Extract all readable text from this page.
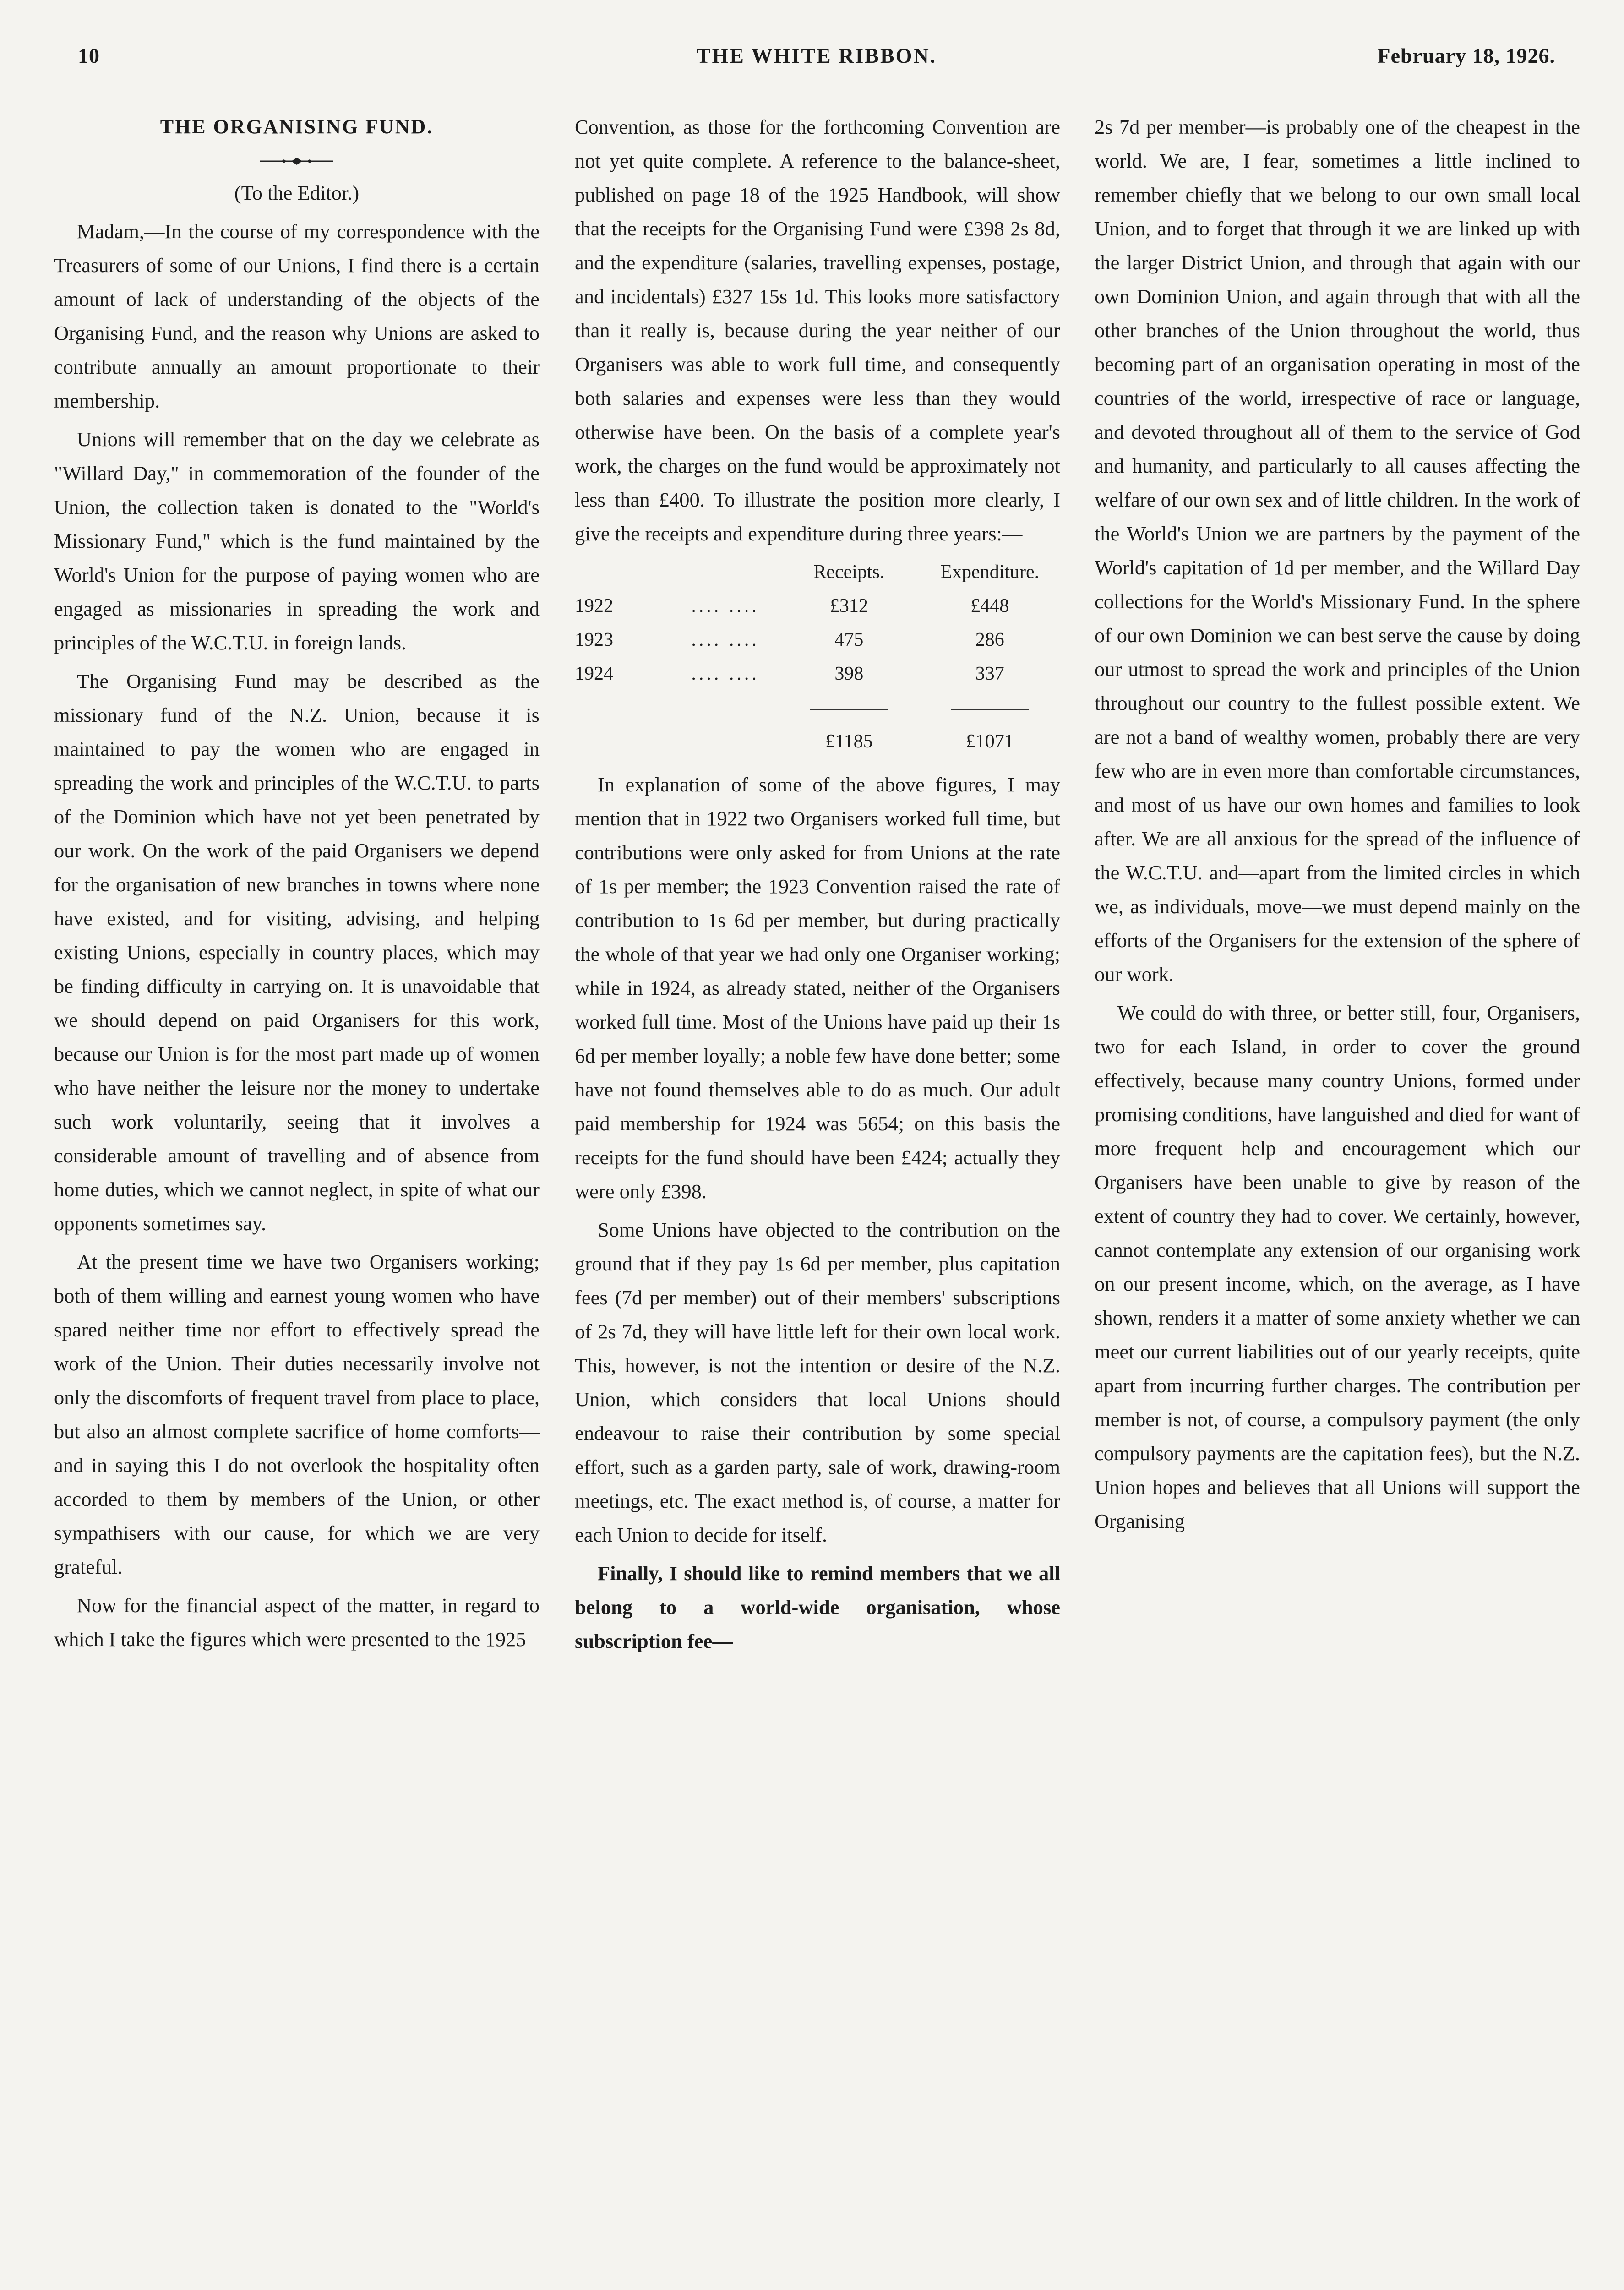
10	THE WHITE RIBBON.	February 18, 1926.

THE ORGANISING FUND.

(To the Editor.)

Madam,—In the course of my correspondence with the Treasurers of some of our Unions, I find there is a certain amount of lack of understanding of the objects of the Organising Fund, and the reason why Unions are asked to contribute annually an amount proportionate to their membership.

Unions will remember that on the day we celebrate as "Willard Day," in commemoration of the founder of the Union, the collection taken is donated to the "World's Missionary Fund," which is the fund maintained by the World's Union for the purpose of paying women who are engaged as missionaries in spreading the work and principles of the W.C.T.U. in foreign lands.

The Organising Fund may be described as the missionary fund of the N.Z. Union, because it is maintained to pay the women who are engaged in spreading the work and principles of the W.C.T.U. to parts of the Dominion which have not yet been penetrated by our work. On the work of the paid Organisers we depend for the organisation of new branches in towns where none have existed, and for visiting, advising, and helping existing Unions, especially in country places, which may be finding difficulty in carrying on. It is unavoidable that we should depend on paid Organisers for this work, because our Union is for the most part made up of women who have neither the leisure nor the money to undertake such work voluntarily, seeing that it involves a considerable amount of travelling and of absence from home duties, which we cannot neglect, in spite of what our opponents sometimes say.

At the present time we have two Organisers working; both of them willing and earnest young women who have spared neither time nor effort to effectively spread the work of the Union. Their duties necessarily involve not only the discomforts of frequent travel from place to place, but also an almost complete sacrifice of home comforts—and in saying this I do not overlook the hospitality often accorded to them by members of the Union, or other sympathisers with our cause, for which we are very grateful.

Now for the financial aspect of the matter, in regard to which I take the figures which were presented to the 1925

Convention, as those for the forthcoming Convention are not yet quite complete. A reference to the balance-sheet, published on page 18 of the 1925 Handbook, will show that the receipts for the Organising Fund were £398 2s 8d, and the expenditure (salaries, travelling expenses, postage, and incidentals) £327 15s 1d. This looks more satisfactory than it really is, because during the year neither of our Organisers was able to work full time, and consequently both salaries and expenses were less than they would otherwise have been. On the basis of a complete year's work, the charges on the fund would be approximately not less than £400. To illustrate the position more clearly, I give the receipts and expenditure during three years:—

		Receipts.	Expenditure.
1922	.... ....	£312	£448
1923	.... ....	475	286
1924	.... ....	398	337

		£1185	£1071

In explanation of some of the above figures, I may mention that in 1922 two Organisers worked full time, but contributions were only asked for from Unions at the rate of 1s per member; the 1923 Convention raised the rate of contribution to 1s 6d per member, but during practically the whole of that year we had only one Organiser working; while in 1924, as already stated, neither of the Organisers worked full time. Most of the Unions have paid up their 1s 6d per member loyally; a noble few have done better; some have not found themselves able to do as much. Our adult paid membership for 1924 was 5654; on this basis the receipts for the fund should have been £424; actually they were only £398.

Some Unions have objected to the contribution on the ground that if they pay 1s 6d per member, plus capitation fees (7d per member) out of their members' subscriptions of 2s 7d, they will have little left for their own local work. This, however, is not the intention or desire of the N.Z. Union, which considers that local Unions should endeavour to raise their contribution by some special effort, such as a garden party, sale of work, drawing-room meetings, etc. The exact method is, of course, a matter for each Union to decide for itself.

Finally, I should like to remind members that we all belong to a world-wide organisation, whose subscription fee—

2s 7d per member—is probably one of the cheapest in the world. We are, I fear, sometimes a little inclined to remember chiefly that we belong to our own small local Union, and to forget that through it we are linked up with the larger District Union, and through that again with our own Dominion Union, and again through that with all the other branches of the Union throughout the world, thus becoming part of an organisation operating in most of the countries of the world, irrespective of race or language, and devoted throughout all of them to the service of God and humanity, and particularly to all causes affecting the welfare of our own sex and of little children. In the work of the World's Union we are partners by the payment of the World's capitation of 1d per member, and the Willard Day collections for the World's Missionary Fund. In the sphere of our own Dominion we can best serve the cause by doing our utmost to spread the work and principles of the Union throughout our country to the fullest possible extent. We are not a band of wealthy women, probably there are very few who are in even more than comfortable circumstances, and most of us have our own homes and families to look after. We are all anxious for the spread of the influence of the W.C.T.U. and—apart from the limited circles in which we, as individuals, move—we must depend mainly on the efforts of the Organisers for the extension of the sphere of our work.

We could do with three, or better still, four, Organisers, two for each Island, in order to cover the ground effectively, because many country Unions, formed under promising conditions, have languished and died for want of more frequent help and encouragement which our Organisers have been unable to give by reason of the extent of country they had to cover. We certainly, however, cannot contemplate any extension of our organising work on our present income, which, on the average, as I have shown, renders it a matter of some anxiety whether we can meet our current liabilities out of our yearly receipts, quite apart from incurring further charges. The contribution per member is not, of course, a compulsory payment (the only compulsory payments are the capitation fees), but the N.Z. Union hopes and believes that all Unions will support the Organising
